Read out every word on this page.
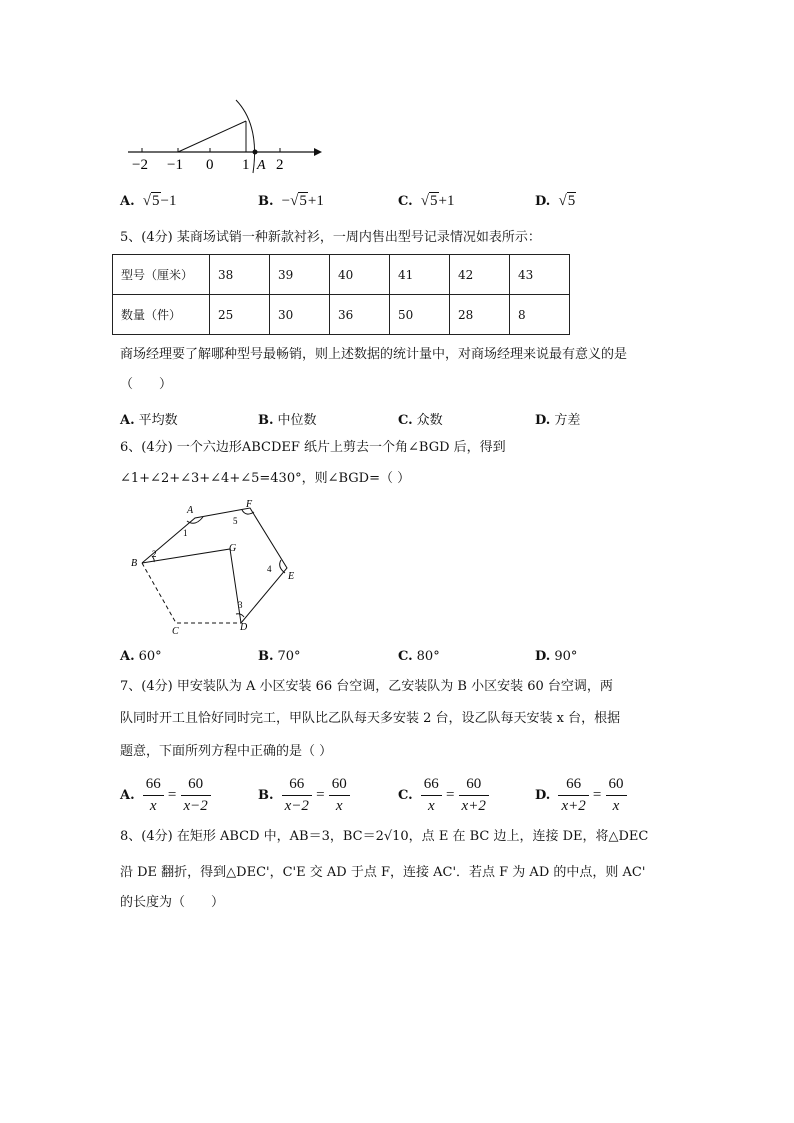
−2 −1 0 1 2
A
A. √5−1	B. −√5+1	C. √5+1	D. √5
5、(4分) 某商场试销一种新款衬衫，一周内售出型号记录情况如表所示：
型号（厘米）	38	39	40	41	42	43
数量（件）	25	30	36	50	28	8
商场经理要了解哪种型号最畅销，则上述数据的统计量中，对商场经理来说最有意义的是
（　　）
A. 平均数	B. 中位数	C. 众数	D. 方差
6、(4分) 一个六边形ABCDEF 纸片上剪去一个角∠BGD 后，得到
∠1+∠2+∠3+∠4+∠5=430°，则∠BGD=（ ）
A
B
C	D
E
F
G
1
2
3
4
5
A. 60°	B. 70°	C. 80°	D. 90°
7、(4分) 甲安装队为 A 小区安装 66 台空调，乙安装队为 B 小区安装 60 台空调，两
队同时开工且恰好同时完工，甲队比乙队每天多安装 2 台，设乙队每天安装 x 台，根据
题意，下面所列方程中正确的是（ ）
A. $\frac{66}{x} = \frac{60}{x-2}$	B. $\frac{66}{x-2} = \frac{60}{x}$	C. $\frac{66}{x} = \frac{60}{x+2}$	D. $\frac{66}{x+2} = \frac{60}{x}$
8、(4分) 在矩形 ABCD 中，AB＝3，BC＝2√10，点 E 在 BC 边上，连接 DE，将△DEC
沿 DE 翻折，得到△DEC'，C'E 交 AD 于点 F，连接 AC'．若点 F 为 AD 的中点，则 AC'
的长度为（　　）
